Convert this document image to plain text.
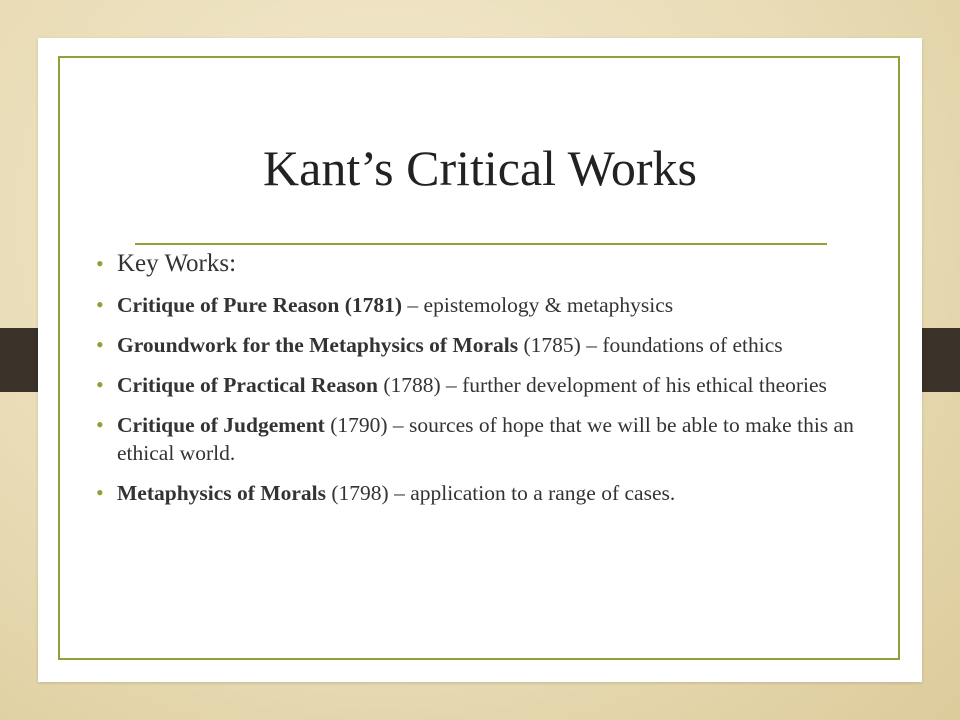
Kant’s Critical Works
• Key Works:
• Critique of Pure Reason (1781) – epistemology & metaphysics
• Groundwork for the Metaphysics of Morals (1785) – foundations of ethics
• Critique of Practical Reason (1788) – further development of his ethical theories
• Critique of Judgement (1790) – sources of hope that we will be able to make this an ethical world.
• Metaphysics of Morals (1798) – application to a range of cases.
